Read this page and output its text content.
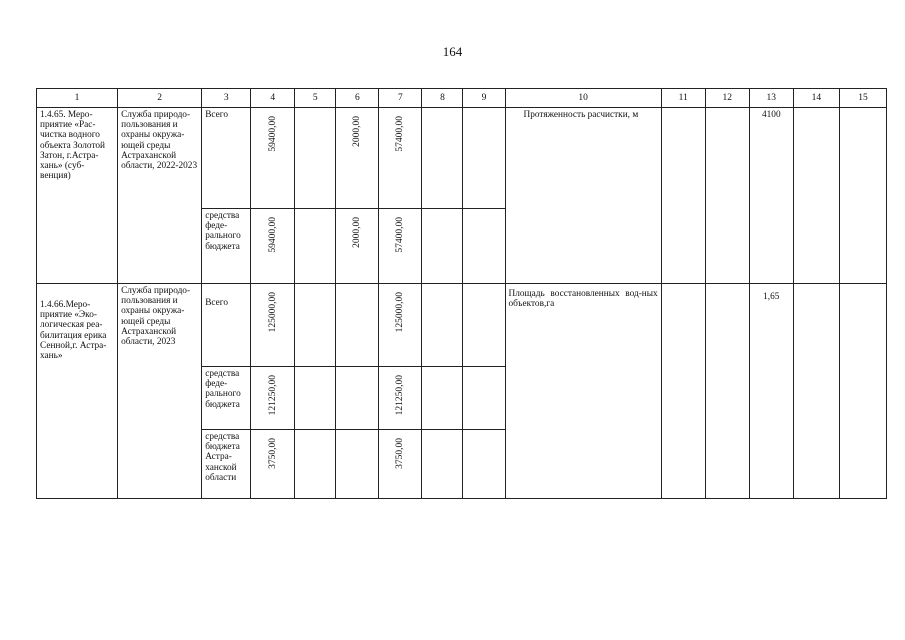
164
1	2	3	4	5	6	7	8	9	10	11	12	13	14	15
1.4.65. Меро-приятие «Рас-чистка водного объекта Золотой Затон, г.Астра-хань» (суб-венция)	Служба природо-пользования и охраны окружа-ющей среды Астраханской области, 2022-2023	Всего	59400,00		2000,00	57400,00			Протяженность расчистки, м			4100		
		средства феде-рального бюджета	59400,00		2000,00	57400,00								

1.4.66.Меро-приятие «Эко-логическая реа-билитация ерика Сенной,г. Астра-хань»	Служба природо-пользования и охраны окружа-ющей среды Астраханской области, 2023	Всего	125000,00			125000,00			Площадь восстановленных вод-ных объектов,га			1,65		
		средства феде-рального бюджета	121250,00			121250,00								

		средства бюджета Астра-ханской области	3750,00			3750,00								
